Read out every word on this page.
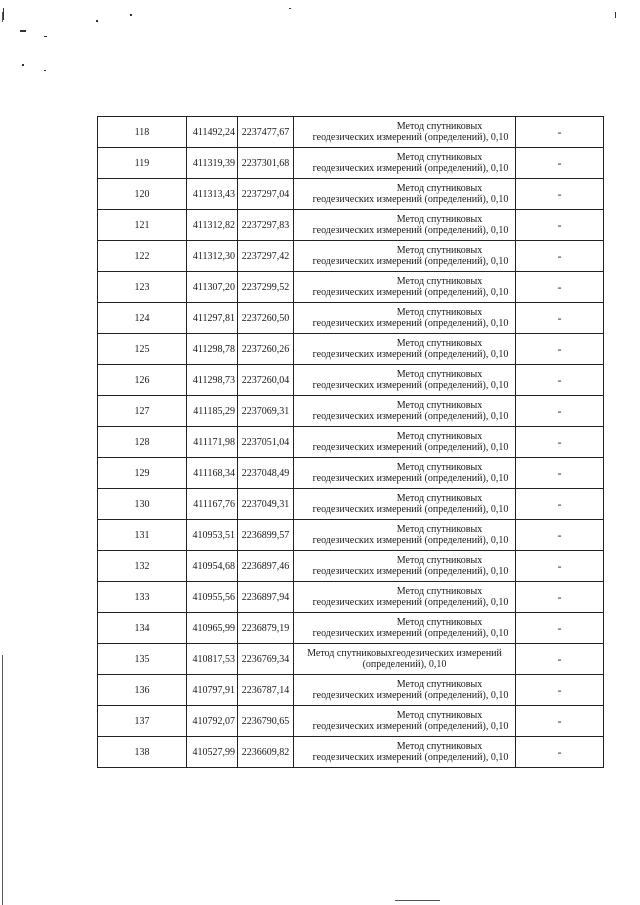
118	411492,24	2237477,67	Метод спутниковых
геодезических измерений (определений), 0,10	-
119	411319,39	2237301,68	Метод спутниковых
геодезических измерений (определений), 0,10	-
120	411313,43	2237297,04	Метод спутниковых
геодезических измерений (определений), 0,10	-
121	411312,82	2237297,83	Метод спутниковых
геодезических измерений (определений), 0,10	-
122	411312,30	2237297,42	Метод спутниковых
геодезических измерений (определений), 0,10	-
123	411307,20	2237299,52	Метод спутниковых
геодезических измерений (определений), 0,10	-
124	411297,81	2237260,50	Метод спутниковых
геодезических измерений (определений), 0,10	-
125	411298,78	2237260,26	Метод спутниковых
геодезических измерений (определений), 0,10	-
126	411298,73	2237260,04	Метод спутниковых
геодезических измерений (определений), 0,10	-
127	411185,29	2237069,31	Метод спутниковых
геодезических измерений (определений), 0,10	-
128	411171,98	2237051,04	Метод спутниковых
геодезических измерений (определений), 0,10	-
129	411168,34	2237048,49	Метод спутниковых
геодезических измерений (определений), 0,10	-
130	411167,76	2237049,31	Метод спутниковых
геодезических измерений (определений), 0,10	-
131	410953,51	2236899,57	Метод спутниковых
геодезических измерений (определений), 0,10	-
132	410954,68	2236897,46	Метод спутниковых
геодезических измерений (определений), 0,10	-
133	410955,56	2236897,94	Метод спутниковых
геодезических измерений (определений), 0,10	-
134	410965,99	2236879,19	Метод спутниковых
геодезических измерений (определений), 0,10	-
135	410817,53	2236769,34	Метод спутниковыхгеодезических измерений
(определений), 0,10	-
136	410797,91	2236787,14	Метод спутниковых
геодезических измерений (определений), 0,10	-
137	410792,07	2236790,65	Метод спутниковых
геодезических измерений (определений), 0,10	-
138	410527,99	2236609,82	Метод спутниковых
геодезических измерений (определений), 0,10	-
